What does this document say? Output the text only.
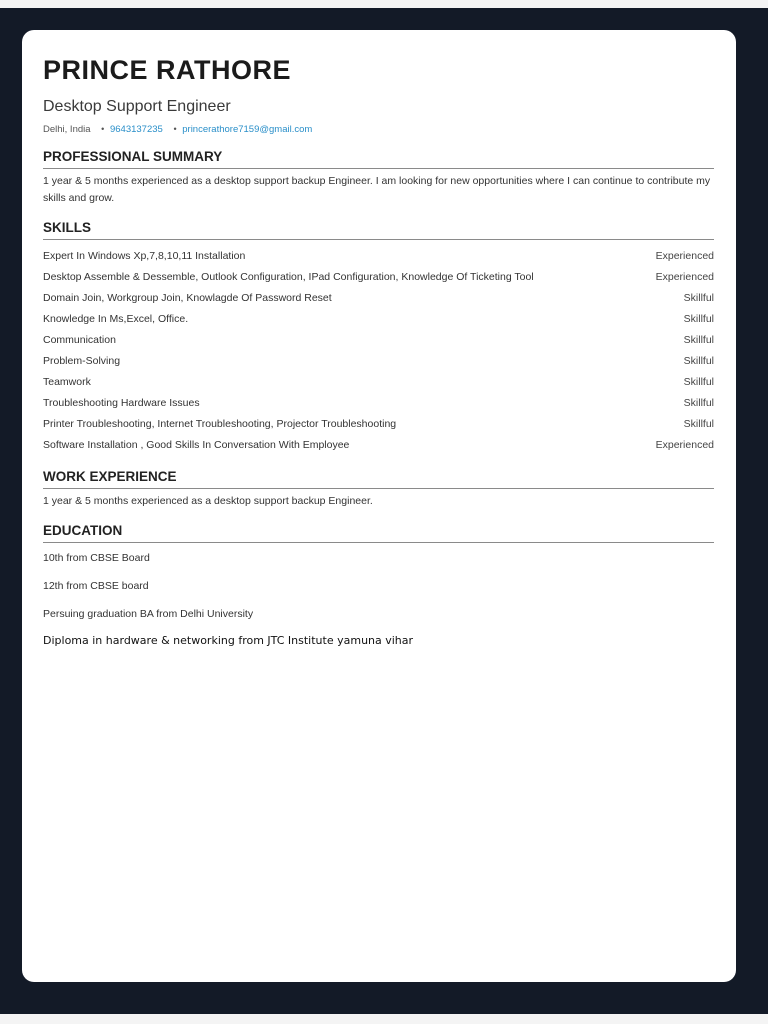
PRINCE RATHORE
Desktop Support Engineer
Delhi, India • 9643137235 • princerathore7159@gmail.com
PROFESSIONAL SUMMARY
1 year & 5 months experienced as a desktop support backup Engineer. I am looking for new opportunities where I can continue to contribute my skills and grow.
SKILLS
Expert In Windows Xp,7,8,10,11 Installation	Experienced
Desktop Assemble & Dessemble, Outlook Configuration, IPad Configuration, Knowledge Of Ticketing Tool	Experienced
Domain Join, Workgroup Join, Knowlagde Of Password Reset	Skillful
Knowledge In Ms,Excel, Office.	Skillful
Communication	Skillful
Problem-Solving	Skillful
Teamwork	Skillful
Troubleshooting Hardware Issues	Skillful
Printer Troubleshooting, Internet Troubleshooting, Projector Troubleshooting	Skillful
Software Installation , Good Skills In Conversation With Employee	Experienced
WORK EXPERIENCE
1 year & 5 months experienced as a desktop support backup Engineer.
EDUCATION
10th from CBSE Board
12th from CBSE board
Persuing graduation BA from Delhi University
Diploma in hardware & networking from JTC Institute yamuna vihar
